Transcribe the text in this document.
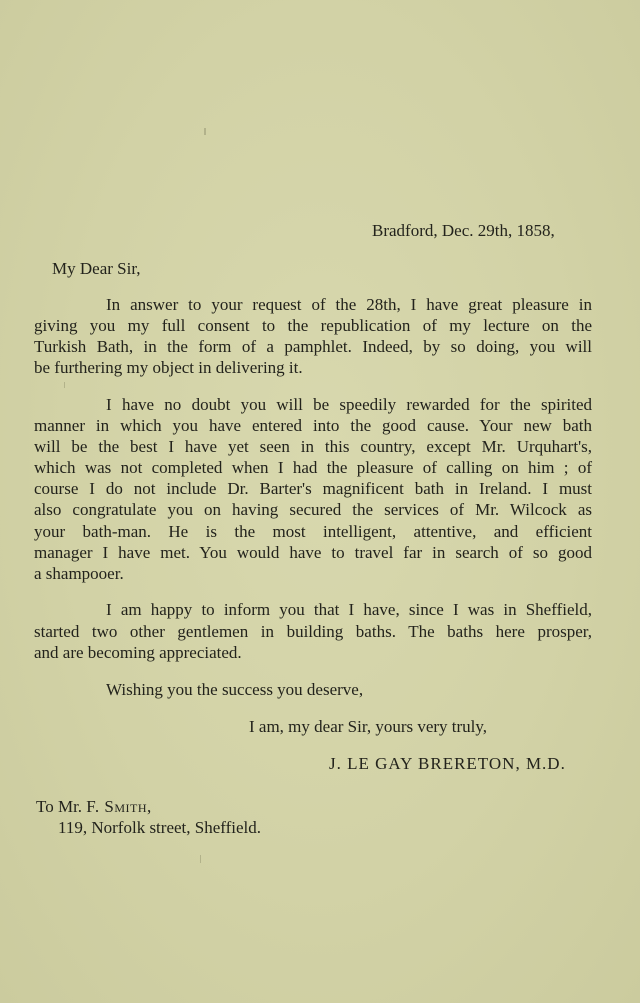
Bradford, Dec. 29th, 1858,
My Dear Sir,
In answer to your request of the 28th, I have great pleasure in
giving you my full consent to the republication of my lecture on the
Turkish Bath, in the form of a pamphlet. Indeed, by so doing, you will
be furthering my object in delivering it.
I have no doubt you will be speedily rewarded for the spirited
manner in which you have entered into the good cause. Your new bath
will be the best I have yet seen in this country, except Mr. Urquhart's,
which was not completed when I had the pleasure of calling on him ; of
course I do not include Dr. Barter's magnificent bath in Ireland. I must
also congratulate you on having secured the services of Mr. Wilcock as
your bath-man. He is the most intelligent, attentive, and efficient
manager I have met. You would have to travel far in search of so good
a shampooer.
I am happy to inform you that I have, since I was in Sheffield,
started two other gentlemen in building baths. The baths here prosper,
and are becoming appreciated.
Wishing you the success you deserve,
I am, my dear Sir, yours very truly,
J. LE GAY BRERETON, M.D.
To Mr. F. Smith,
119, Norfolk street, Sheffield.
